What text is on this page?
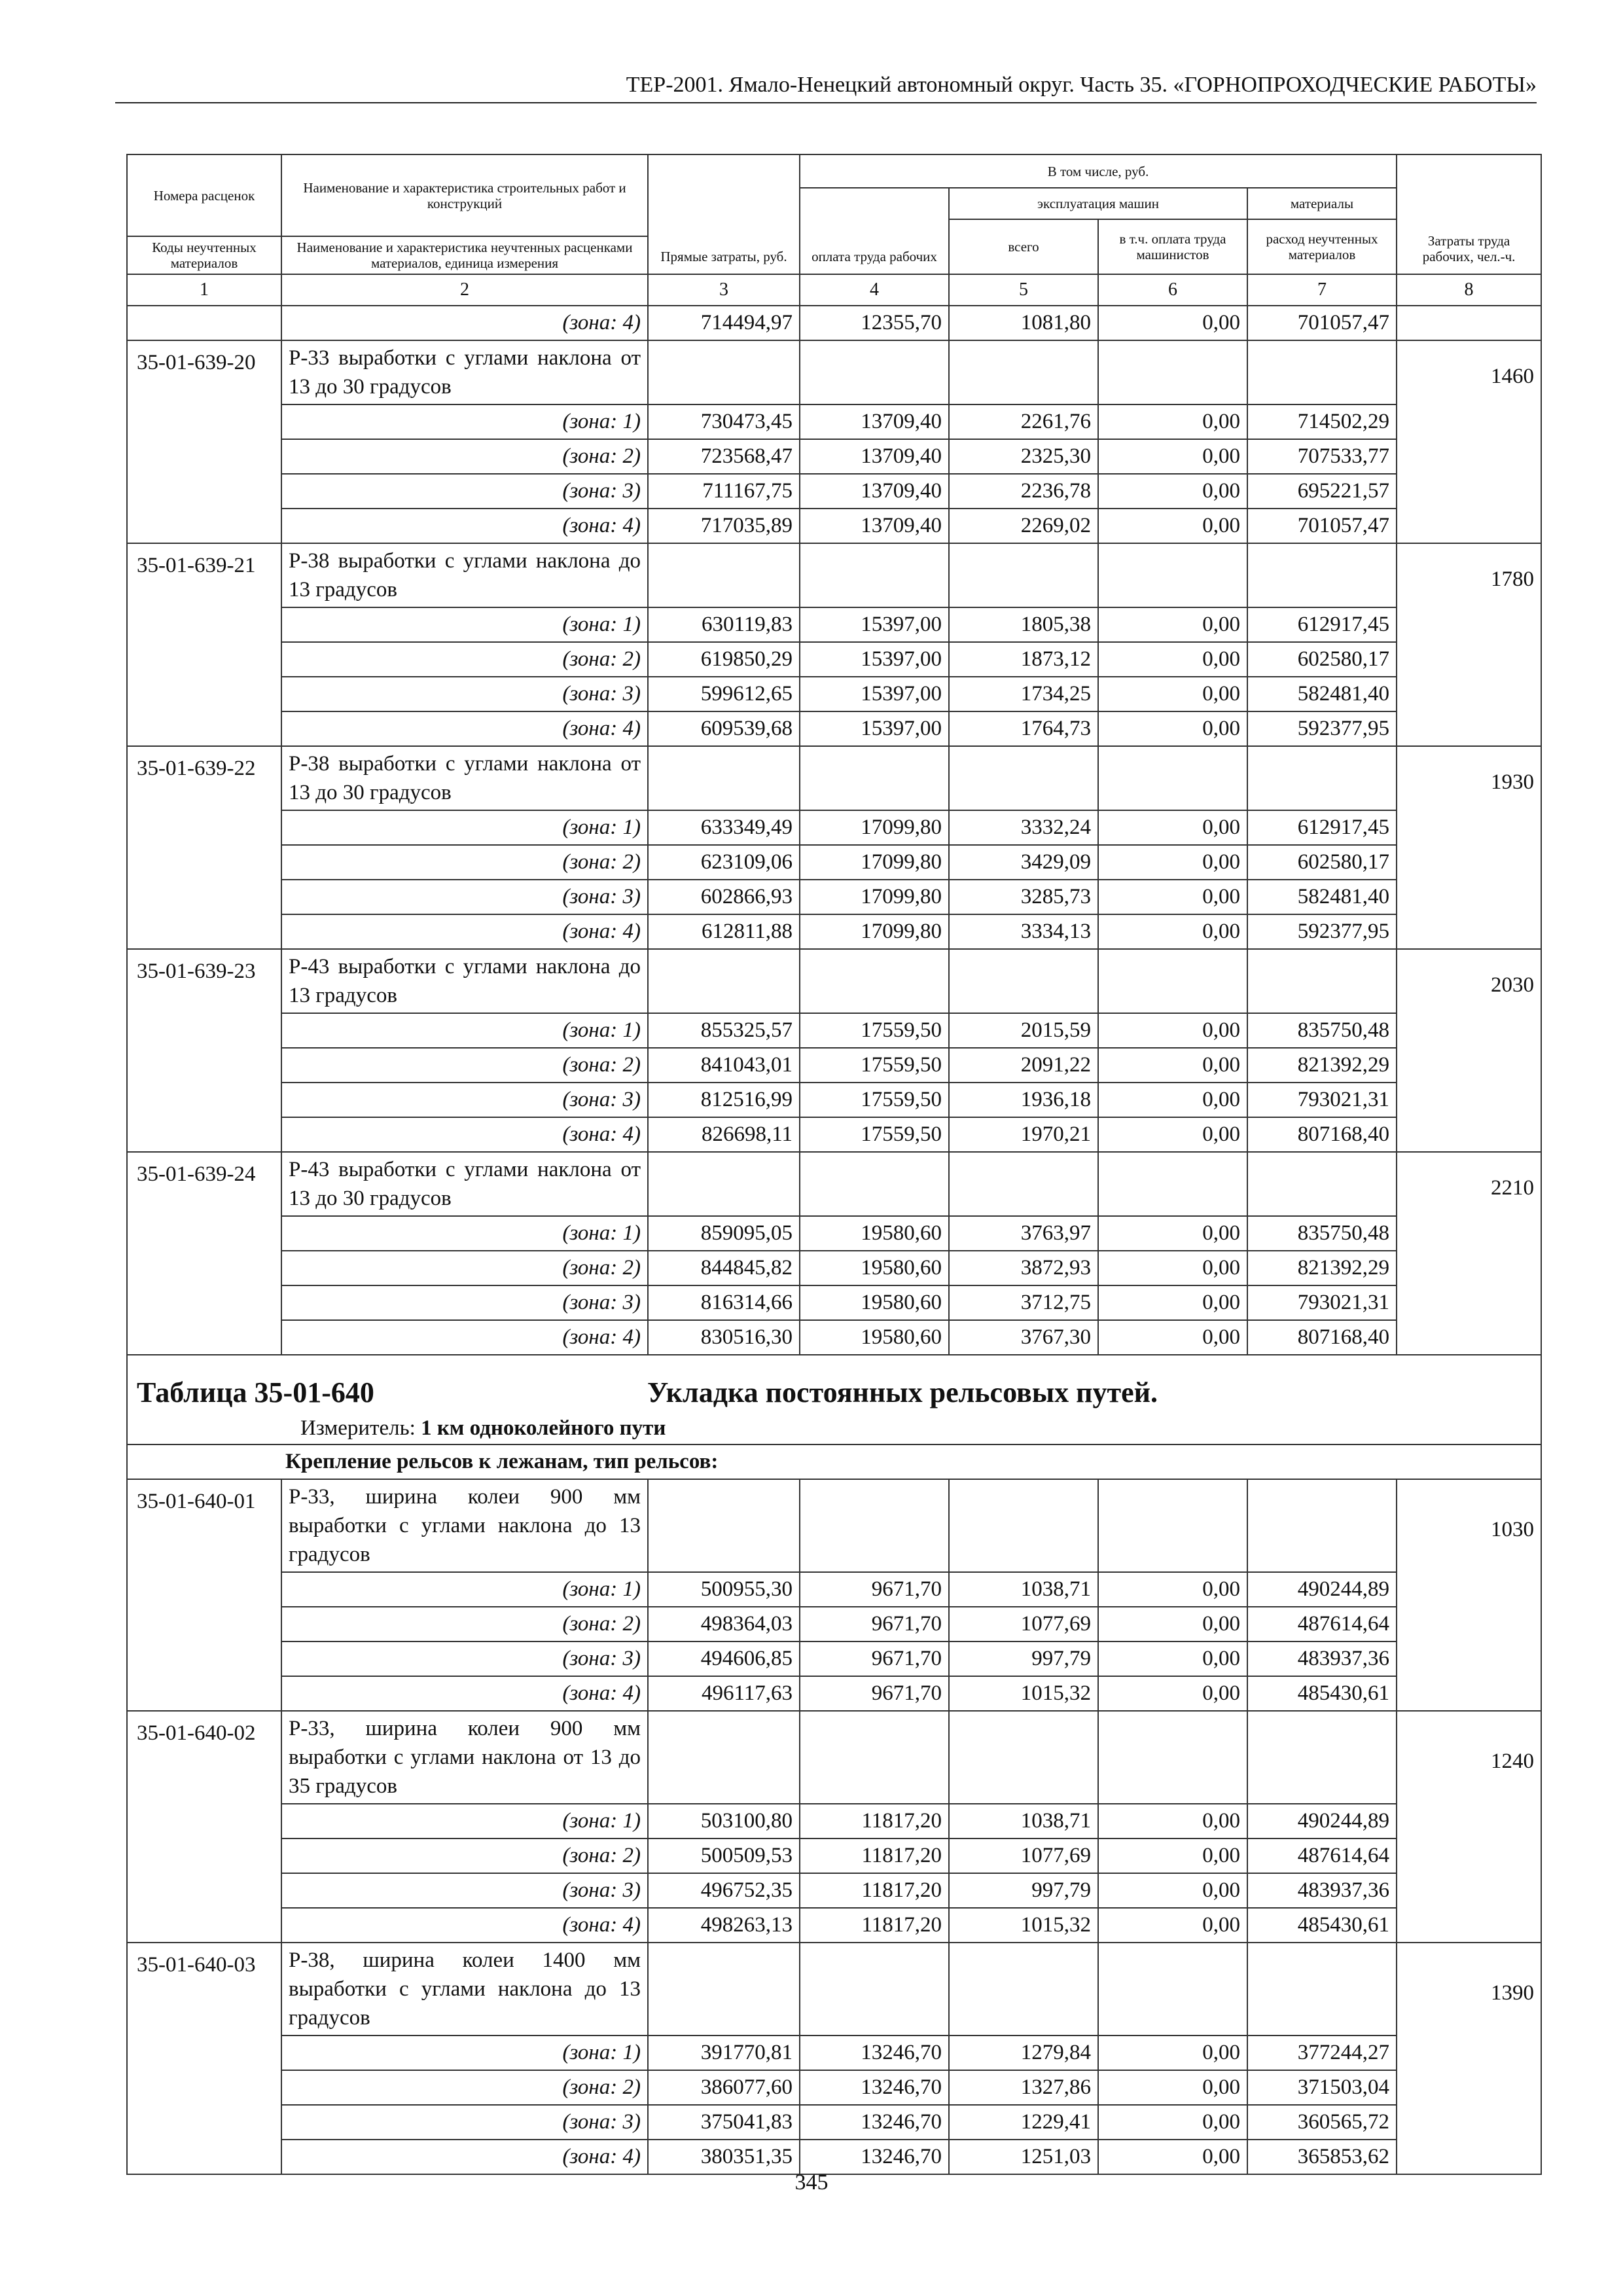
ТЕР-2001. Ямало-Ненецкий автономный округ. Часть 35. «ГОРНОПРОХОДЧЕСКИЕ РАБОТЫ»
Номера расценок	Наименование и характеристика строительных работ и конструкций	Прямые затраты, руб.	В том числе, руб.				Затраты труда рабочих, чел.-ч.
			оплата труда рабочих	эксплуатация машин		материалы	
				всего	в т.ч. оплата труда машинистов	расход неучтенных материалов	
Коды неучтенных материалов	Наименование и характеристика неучтенных расценками материалов, единица измерения						

1	2	3	4	5	6	7	8
	(зона: 4)	714494,97	12355,70	1081,80	0,00	701057,47	
35-01-639-20	Р-33 выработки с углами наклона от 13 до 30 градусов						1460

	(зона: 1)	730473,45	13709,40	2261,76	0,00	714502,29	
	(зона: 2)	723568,47	13709,40	2325,30	0,00	707533,77	
	(зона: 3)	711167,75	13709,40	2236,78	0,00	695221,57	
	(зона: 4)	717035,89	13709,40	2269,02	0,00	701057,47	
35-01-639-21	Р-38 выработки с углами наклона до 13 градусов						1780

	(зона: 1)	630119,83	15397,00	1805,38	0,00	612917,45	
	(зона: 2)	619850,29	15397,00	1873,12	0,00	602580,17	
	(зона: 3)	599612,65	15397,00	1734,25	0,00	582481,40	
	(зона: 4)	609539,68	15397,00	1764,73	0,00	592377,95	
35-01-639-22	Р-38 выработки с углами наклона от 13 до 30 градусов						1930

	(зона: 1)	633349,49	17099,80	3332,24	0,00	612917,45	
	(зона: 2)	623109,06	17099,80	3429,09	0,00	602580,17	
	(зона: 3)	602866,93	17099,80	3285,73	0,00	582481,40	
	(зона: 4)	612811,88	17099,80	3334,13	0,00	592377,95	
35-01-639-23	Р-43 выработки с углами наклона до 13 градусов						2030

	(зона: 1)	855325,57	17559,50	2015,59	0,00	835750,48	
	(зона: 2)	841043,01	17559,50	2091,22	0,00	821392,29	
	(зона: 3)	812516,99	17559,50	1936,18	0,00	793021,31	
	(зона: 4)	826698,11	17559,50	1970,21	0,00	807168,40	
35-01-639-24	Р-43 выработки с углами наклона от 13 до 30 градусов						2210

	(зона: 1)	859095,05	19580,60	3763,97	0,00	835750,48	
	(зона: 2)	844845,82	19580,60	3872,93	0,00	821392,29	
	(зона: 3)	816314,66	19580,60	3712,75	0,00	793021,31	
	(зона: 4)	830516,30	19580,60	3767,30	0,00	807168,40	
Таблица 35-01-640 Укладка постоянных рельсовых путей.
Измеритель: 1 км одноколейного пути							

	Крепление рельсов к лежанам, тип рельсов:						
35-01-640-01	Р-33, ширина колеи 900 мм выработки с углами наклона до 13 градусов						1030

	(зона: 1)	500955,30	9671,70	1038,71	0,00	490244,89	
	(зона: 2)	498364,03	9671,70	1077,69	0,00	487614,64	
	(зона: 3)	494606,85	9671,70	997,79	0,00	483937,36	
	(зона: 4)	496117,63	9671,70	1015,32	0,00	485430,61	
35-01-640-02	Р-33, ширина колеи 900 мм выработки с углами наклона от 13 до 35 градусов						1240

	(зона: 1)	503100,80	11817,20	1038,71	0,00	490244,89	
	(зона: 2)	500509,53	11817,20	1077,69	0,00	487614,64	
	(зона: 3)	496752,35	11817,20	997,79	0,00	483937,36	
	(зона: 4)	498263,13	11817,20	1015,32	0,00	485430,61	
35-01-640-03	Р-38, ширина колеи 1400 мм выработки с углами наклона до 13 градусов						1390

	(зона: 1)	391770,81	13246,70	1279,84	0,00	377244,27	
	(зона: 2)	386077,60	13246,70	1327,86	0,00	371503,04	
	(зона: 3)	375041,83	13246,70	1229,41	0,00	360565,72	
	(зона: 4)	380351,35	13246,70	1251,03	0,00	365853,62	
345
